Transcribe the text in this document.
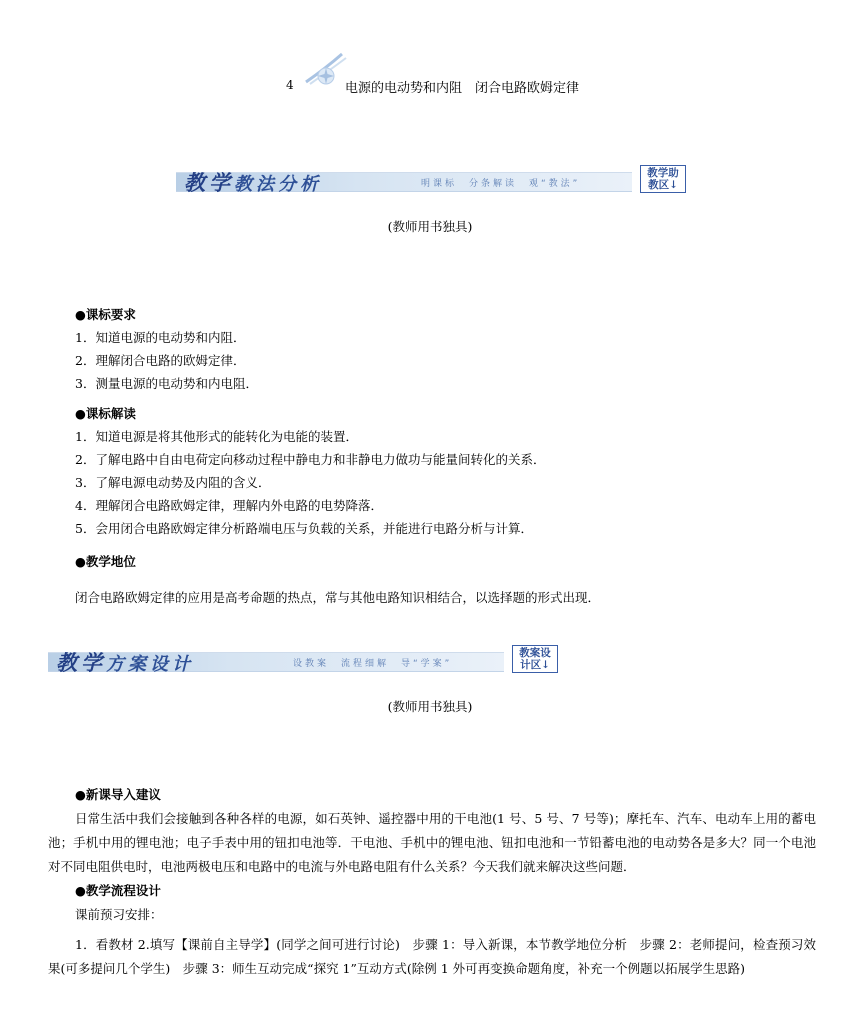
4	电源的电动势和内阻　闭合电路欧姆定律
教学教法分析	明课标　分条解读　观“教法”
教学助
教区↓
(教师用书独具)
●课标要求
1．知道电源的电动势和内阻．
2．理解闭合电路的欧姆定律．
3．测量电源的电动势和内电阻．
●课标解读
1．知道电源是将其他形式的能转化为电能的装置．
2．了解电路中自由电荷定向移动过程中静电力和非静电力做功与能量间转化的关系．
3．了解电源电动势及内阻的含义．
4．理解闭合电路欧姆定律，理解内外电路的电势降落．
5．会用闭合电路欧姆定律分析路端电压与负载的关系，并能进行电路分析与计算．
●教学地位
闭合电路欧姆定律的应用是高考命题的热点，常与其他电路知识相结合，以选择题的形式出现．
教学方案设计	设教案　流程细解　导“学案”
教案设
计区↓
(教师用书独具)
●新课导入建议
日常生活中我们会接触到各种各样的电源，如石英钟、遥控器中用的干电池(1 号、5 号、7 号等)；摩托车、汽车、电动车上用的蓄电池；手机中用的锂电池；电子手表中用的钮扣电池等．干电池、手机中的锂电池、钮扣电池和一节铅蓄电池的电动势各是多大？同一个电池对不同电阻供电时，电池两极电压和电路中的电流与外电路电阻有什么关系？今天我们就来解决这些问题．
●教学流程设计
课前预习安排：
1．看教材 2.填写【课前自主导学】(同学之间可进行讨论)　步骤 1：导入新课，本节教学地位分析　步骤 2：老师提问，检查预习效果(可多提问几个学生)　步骤 3：师生互动完成“探究 1”互动方式(除例 1 外可再变换命题角度，补充一个例题以拓展学生思路)
